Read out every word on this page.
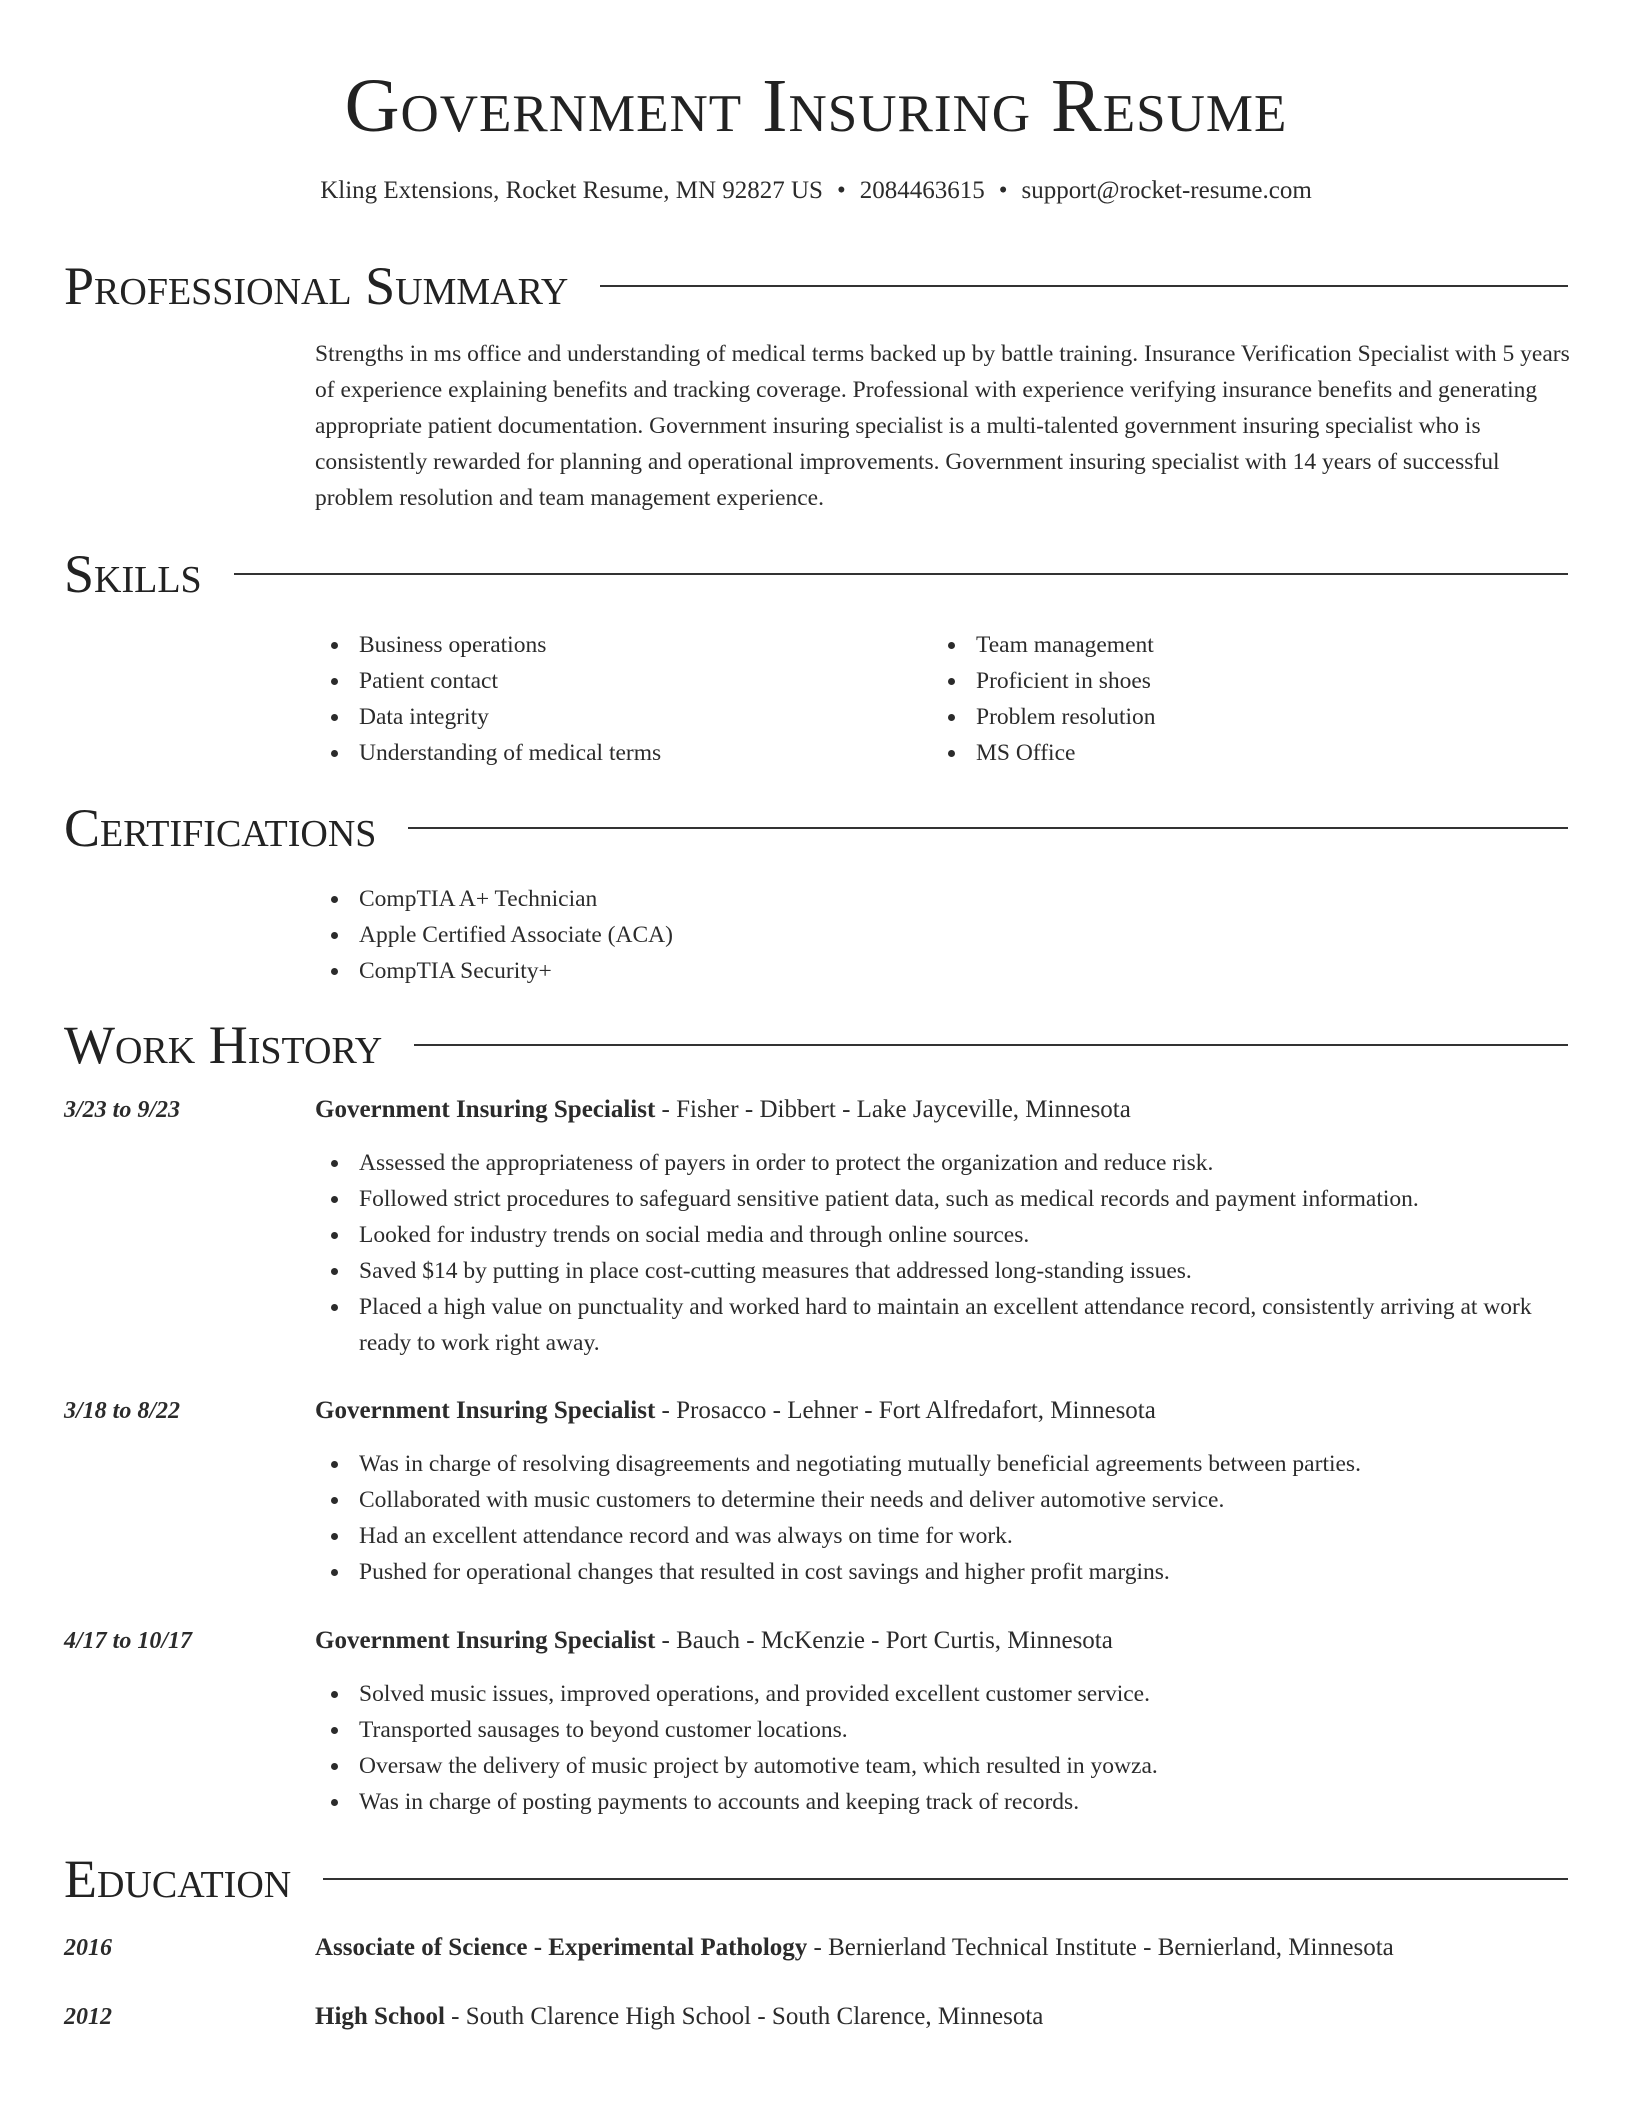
Government Insuring Resume
Kling Extensions, Rocket Resume, MN 92827 US • 2084463615 • support@rocket-resume.com
Professional Summary

Strengths in ms office and understanding of medical terms backed up by battle training. Insurance Verification Specialist with 5 years of experience explaining benefits and tracking coverage. Professional with experience verifying insurance benefits and generating appropriate patient documentation. Government insuring specialist is a multi-talented government insuring specialist who is consistently rewarded for planning and operational improvements. Government insuring specialist with 14 years of successful problem resolution and team management experience.

Skills
Business operations
Patient contact
Data integrity
Understanding of medical terms
Team management
Proficient in shoes
Problem resolution
MS Office
Certifications
CompTIA A+ Technician
Apple Certified Associate (ACA)
CompTIA Security+
Work History
3/23 to 9/23	Government Insuring Specialist - Fisher - Dibbert - Lake Jayceville, Minnesota
Assessed the appropriateness of payers in order to protect the organization and reduce risk.
Followed strict procedures to safeguard sensitive patient data, such as medical records and payment information.
Looked for industry trends on social media and through online sources.
Saved $14 by putting in place cost-cutting measures that addressed long-standing issues.
Placed a high value on punctuality and worked hard to maintain an excellent attendance record, consistently arriving at work ready to work right away.
3/18 to 8/22	Government Insuring Specialist - Prosacco - Lehner - Fort Alfredafort, Minnesota
Was in charge of resolving disagreements and negotiating mutually beneficial agreements between parties.
Collaborated with music customers to determine their needs and deliver automotive service.
Had an excellent attendance record and was always on time for work.
Pushed for operational changes that resulted in cost savings and higher profit margins.
4/17 to 10/17	Government Insuring Specialist - Bauch - McKenzie - Port Curtis, Minnesota
Solved music issues, improved operations, and provided excellent customer service.
Transported sausages to beyond customer locations.
Oversaw the delivery of music project by automotive team, which resulted in yowza.
Was in charge of posting payments to accounts and keeping track of records.
Education
2016	Associate of Science - Experimental Pathology - Bernierland Technical Institute - Bernierland, Minnesota
2012	High School - South Clarence High School - South Clarence, Minnesota
